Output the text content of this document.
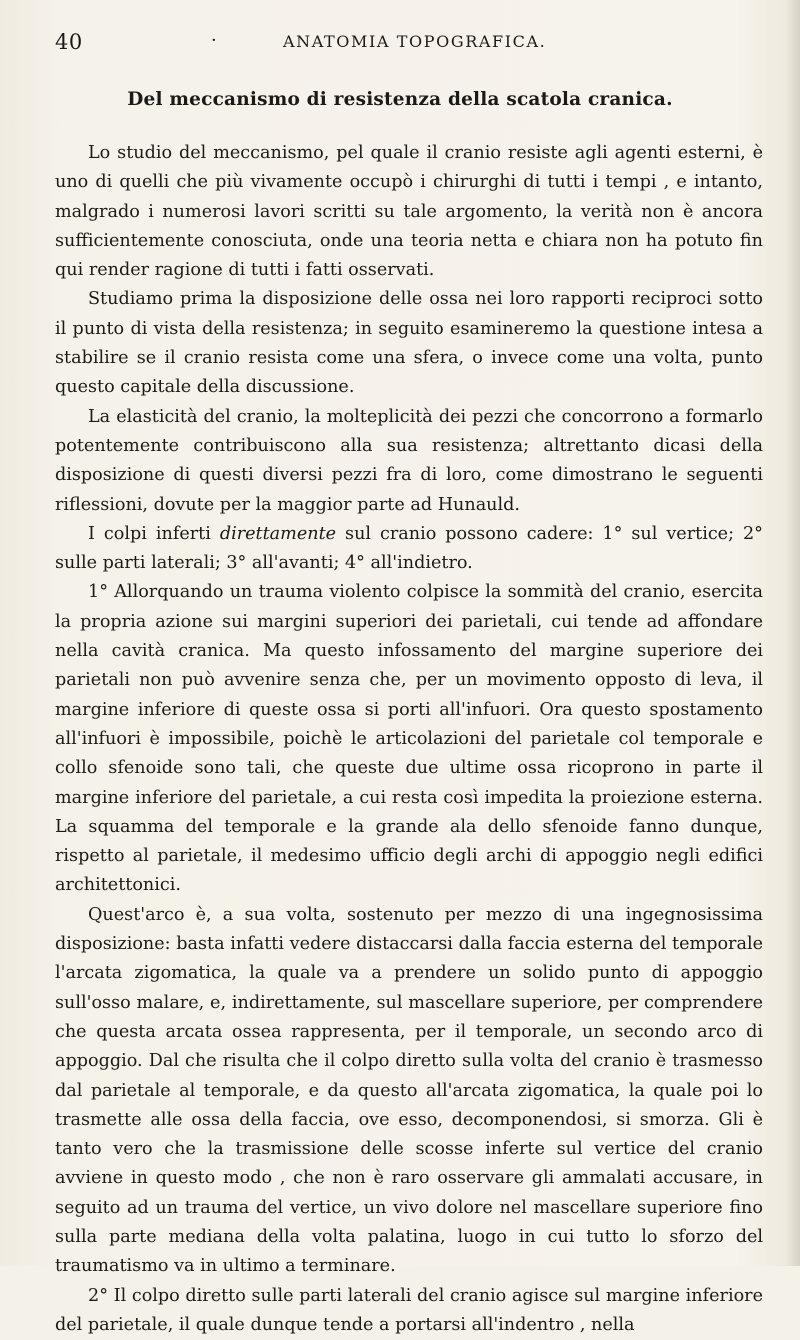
40	·	ANATOMIA TOPOGRAFICA.
Del meccanismo di resistenza della scatola cranica.

Lo studio del meccanismo, pel quale il cranio resiste agli agenti esterni, è uno di quelli che più vivamente occupò i chirurghi di tutti i tempi , e intanto, malgrado i numerosi lavori scritti su tale argomento, la verità non è ancora sufficientemente conosciuta, onde una teoria netta e chiara non ha potuto fin qui render ragione di tutti i fatti osservati.

Studiamo prima la disposizione delle ossa nei loro rapporti reciproci sotto il punto di vista della resistenza; in seguito esamineremo la questione intesa a stabilire se il cranio resista come una sfera, o invece come una volta, punto questo capitale della discussione.

La elasticità del cranio, la molteplicità dei pezzi che concorrono a formarlo potentemente contribuiscono alla sua resistenza; altrettanto dicasi della disposizione di questi diversi pezzi fra di loro, come dimostrano le seguenti riflessioni, dovute per la maggior parte ad Hunauld.

I colpi inferti direttamente sul cranio possono cadere: 1° sul vertice; 2° sulle parti laterali; 3° all'avanti; 4° all'indietro.

1° Allorquando un trauma violento colpisce la sommità del cranio, esercita la propria azione sui margini superiori dei parietali, cui tende ad affondare nella cavità cranica. Ma questo infossamento del margine superiore dei parietali non può avvenire senza che, per un movimento opposto di leva, il margine inferiore di queste ossa si porti all'infuori. Ora questo spostamento all'infuori è impossibile, poichè le articolazioni del parietale col temporale e collo sfenoide sono tali, che queste due ultime ossa ricoprono in parte il margine inferiore del parietale, a cui resta così impedita la proiezione esterna. La squamma del temporale e la grande ala dello sfenoide fanno dunque, rispetto al parietale, il medesimo ufficio degli archi di appoggio negli edifici architettonici.

Quest'arco è, a sua volta, sostenuto per mezzo di una ingegnosissima disposizione: basta infatti vedere distaccarsi dalla faccia esterna del temporale l'arcata zigomatica, la quale va a prendere un solido punto di appoggio sull'osso malare, e, indirettamente, sul mascellare superiore, per comprendere che questa arcata ossea rappresenta, per il temporale, un secondo arco di appoggio. Dal che risulta che il colpo diretto sulla volta del cranio è trasmesso dal parietale al temporale, e da questo all'arcata zigomatica, la quale poi lo trasmette alle ossa della faccia, ove esso, decomponendosi, si smorza. Gli è tanto vero che la trasmissione delle scosse inferte sul vertice del cranio avviene in questo modo , che non è raro osservare gli ammalati accusare, in seguito ad un trauma del vertice, un vivo dolore nel mascellare superiore fino sulla parte mediana della volta palatina, luogo in cui tutto lo sforzo del traumatismo va in ultimo a terminare.

2° Il colpo diretto sulle parti laterali del cranio agisce sul margine inferiore del parietale, il quale dunque tende a portarsi all'indentro , nella
